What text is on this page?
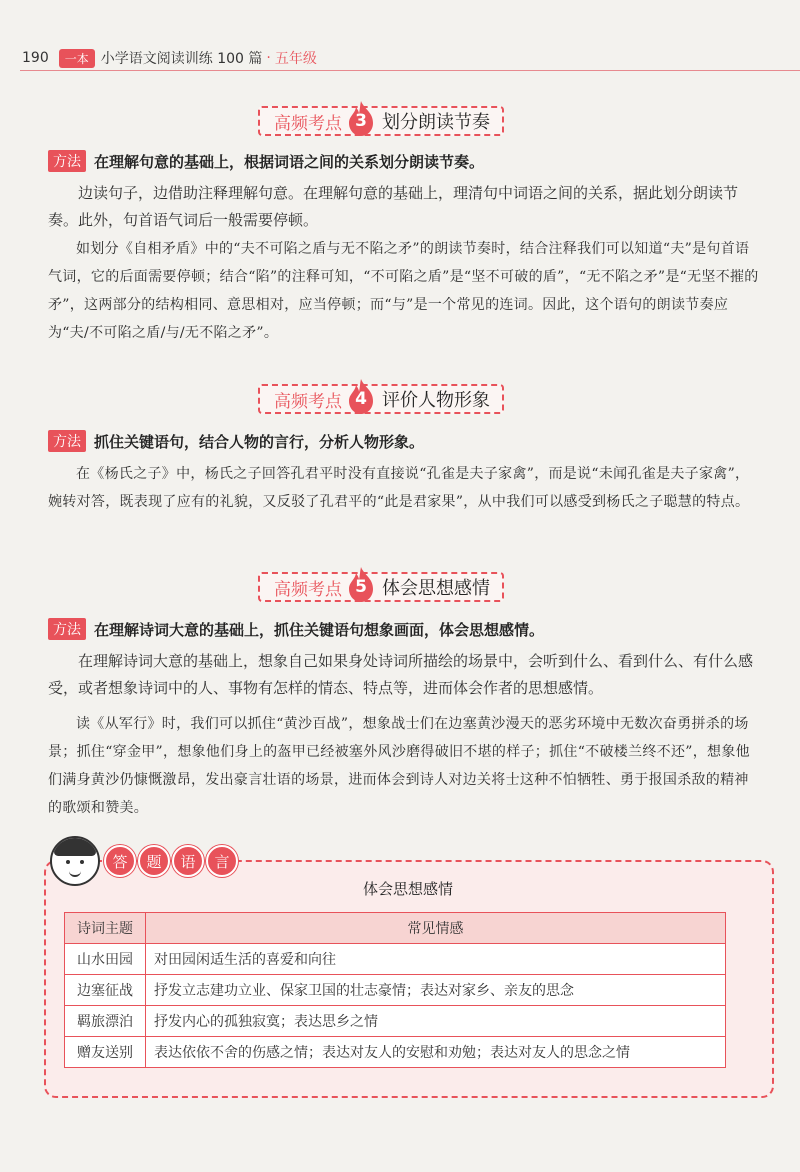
190	一本 小学语文阅读训练 100 篇 · 五年级
高频考点 3 划分朗读节奏
方法 在理解句意的基础上，根据词语之间的关系划分朗读节奏。

边读句子，边借助注释理解句意。在理解句意的基础上，理清句中词语之间的关系，据此划分朗读节奏。此外，句首语气词后一般需要停顿。

如划分《自相矛盾》中的“夫不可陷之盾与无不陷之矛”的朗读节奏时，结合注释我们可以知道“夫”是句首语气词，它的后面需要停顿；结合“陷”的注释可知，“不可陷之盾”是“坚不可破的盾”，“无不陷之矛”是“无坚不摧的矛”，这两部分的结构相同、意思相对，应当停顿；而“与”是一个常见的连词。因此，这个语句的朗读节奏应为“夫/不可陷之盾/与/无不陷之矛”。

高频考点 4 评价人物形象
方法 抓住关键语句，结合人物的言行，分析人物形象。

在《杨氏之子》中，杨氏之子回答孔君平时没有直接说“孔雀是夫子家禽”，而是说“未闻孔雀是夫子家禽”，婉转对答，既表现了应有的礼貌，又反驳了孔君平的“此是君家果”，从中我们可以感受到杨氏之子聪慧的特点。

高频考点 5 体会思想感情
方法 在理解诗词大意的基础上，抓住关键语句想象画面，体会思想感情。

在理解诗词大意的基础上，想象自己如果身处诗词所描绘的场景中，会听到什么、看到什么、有什么感受，或者想象诗词中的人、事物有怎样的情态、特点等，进而体会作者的思想感情。

读《从军行》时，我们可以抓住“黄沙百战”，想象战士们在边塞黄沙漫天的恶劣环境中无数次奋勇拼杀的场景；抓住“穿金甲”，想象他们身上的盔甲已经被塞外风沙磨得破旧不堪的样子；抓住“不破楼兰终不还”，想象他们满身黄沙仍慷慨激昂，发出豪言壮语的场景，进而体会到诗人对边关将士这种不怕牺牲、勇于报国杀敌的精神的歌颂和赞美。

答	题	语	言
体会思想感情
诗词主题	常见情感
山水田园	对田园闲适生活的喜爱和向往
边塞征战	抒发立志建功立业、保家卫国的壮志豪情；表达对家乡、亲友的思念
羁旅漂泊	抒发内心的孤独寂寞；表达思乡之情
赠友送别	表达依依不舍的伤感之情；表达对友人的安慰和劝勉；表达对友人的思念之情
